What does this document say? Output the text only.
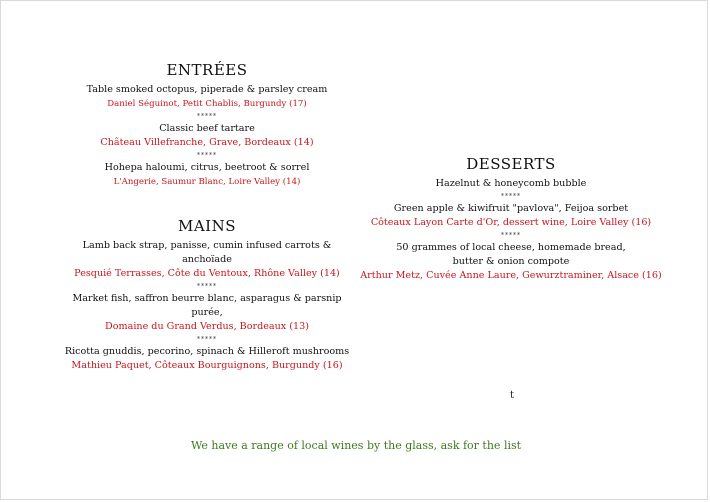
ENTRÉES

Table smoked octopus, piperade & parsley cream

Daniel Séguinot, Petit Chablis, Burgundy (17)

*****

Classic beef tartare

Château Villefranche, Grave, Bordeaux (14)

*****

Hohepa haloumi, citrus, beetroot & sorrel

L'Angerie, Saumur Blanc, Loire Valley (14)

MAINS

Lamb back strap, panisse, cumin infused carrots & anchoïade

Pesquié Terrasses, Côte du Ventoux, Rhône Valley (14)

*****

Market fish, saffron beurre blanc, asparagus & parsnip purée,

Domaine du Grand Verdus, Bordeaux (13)

*****

Ricotta gnuddis, pecorino, spinach & Hilleroft mushrooms

Mathieu Paquet, Côteaux Bourguignons, Burgundy (16)

DESSERTS

Hazelnut & honeycomb bubble

*****

Green apple & kiwifruit "pavlova", Feijoa sorbet

Côteaux Layon Carte d'Or, dessert wine, Loire Valley (16)

*****

50 grammes of local cheese, homemade bread,

butter & onion compote

Arthur Metz, Cuvée Anne Laure, Gewurztraminer, Alsace (16)

t
We have a range of local wines by the glass, ask for the list
